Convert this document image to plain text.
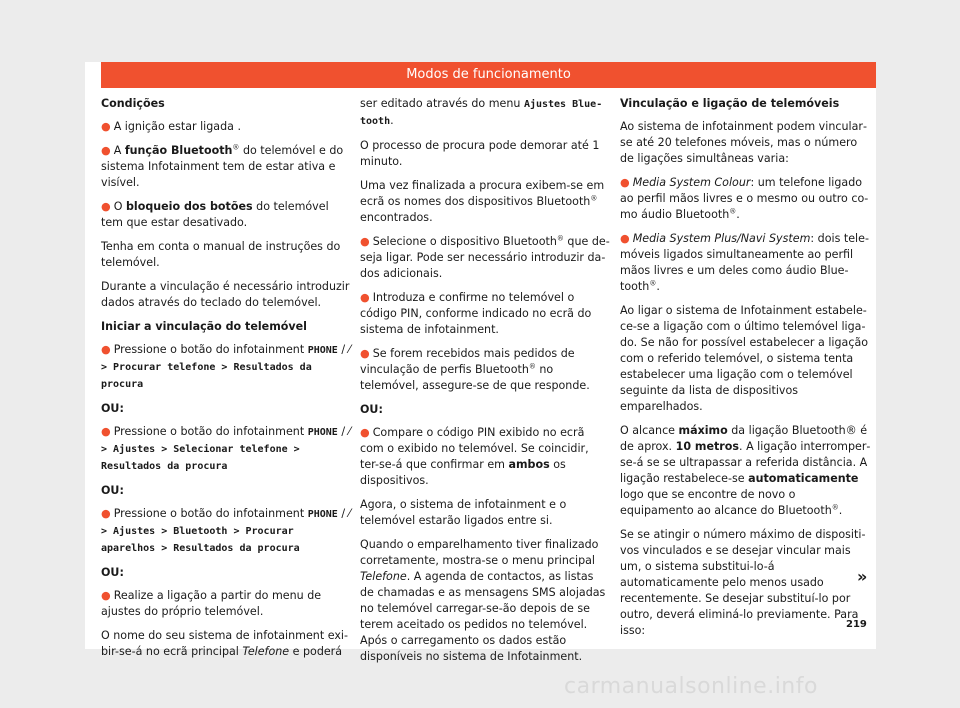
Modos de funcionamento
Condições

● A ignição estar ligada .

● A função Bluetooth® do telemóvel e do sistema Infotainment tem de estar ativa e visível.

● O bloqueio dos botões do telemóvel tem que estar desativado.

Tenha em conta o manual de instruções do telemóvel.

Durante a vinculação é necessário introduzir dados através do teclado do telemóvel.

Iniciar a vinculação do telemóvel

● Pressione o botão do infotainment PHONE / ⁄
> Procurar telefone > Resultados da procura

OU:

● Pressione o botão do infotainment PHONE / ⁄
> Ajustes > Selecionar telefone > Resultados da procura

OU:

● Pressione o botão do infotainment PHONE / ⁄
> Ajustes > Bluetooth > Procurar aparelhos > Resultados da procura

OU:

● Realize a ligação a partir do menu de ajustes do próprio telemóvel.

O nome do seu sistema de infotainment exibir-se-á no ecrã principal Telefone e poderá

ser editado através do menu Ajustes Bluetooth.

O processo de procura pode demorar até 1 minuto.

Uma vez finalizada a procura exibem-se em ecrã os nomes dos dispositivos Bluetooth® encontrados.

● Selecione o dispositivo Bluetooth® que deseja ligar. Pode ser necessário introduzir dados adicionais.

● Introduza e confirme no telemóvel o código PIN, conforme indicado no ecrã do sistema de infotainment.

● Se forem recebidos mais pedidos de vinculação de perfis Bluetooth® no telemóvel, assegure-se de que responde.

OU:

● Compare o código PIN exibido no ecrã com o exibido no telemóvel. Se coincidir, ter-se-á que confirmar em ambos os dispositivos.

Agora, o sistema de infotainment e o telemóvel estarão ligados entre si.

Quando o emparelhamento tiver finalizado corretamente, mostra-se o menu principal Telefone. A agenda de contactos, as listas de chamadas e as mensagens SMS alojadas no telemóvel carregar-se-ão depois de se terem aceitado os pedidos no telemóvel. Após o carregamento os dados estão disponíveis no sistema de Infotainment.

Vinculação e ligação de telemóveis

Ao sistema de infotainment podem vincularse até 20 telefones móveis, mas o número de ligações simultâneas varia:

● Media System Colour: um telefone ligado ao perfil mãos livres e o mesmo ou outro como áudio Bluetooth®.

● Media System Plus/Navi System: dois telemóveis ligados simultaneamente ao perfil mãos livres e um deles como áudio Bluetooth®.

Ao ligar o sistema de Infotainment estabelece-se a ligação com o último telemóvel ligado. Se não for possível estabelecer a ligação com o referido telemóvel, o sistema tenta estabelecer uma ligação com o telemóvel seguinte da lista de dispositivos emparelhados.

O alcance máximo da ligação Bluetooth® é de aprox. 10 metros. A ligação interromperse-á se se ultrapassar a referida distância. A ligação restabelece-se automaticamente logo que se encontre de novo o equipamento ao alcance do Bluetooth®.

Se se atingir o número máximo de dispositivos vinculados e se desejar vincular mais um, o sistema substitui-lo-á automaticamente pelo menos usado recentemente. Se desejar substituí-lo por outro, deverá eliminá-lo previamente. Para isso:

»
219
carmanualsonline.info
